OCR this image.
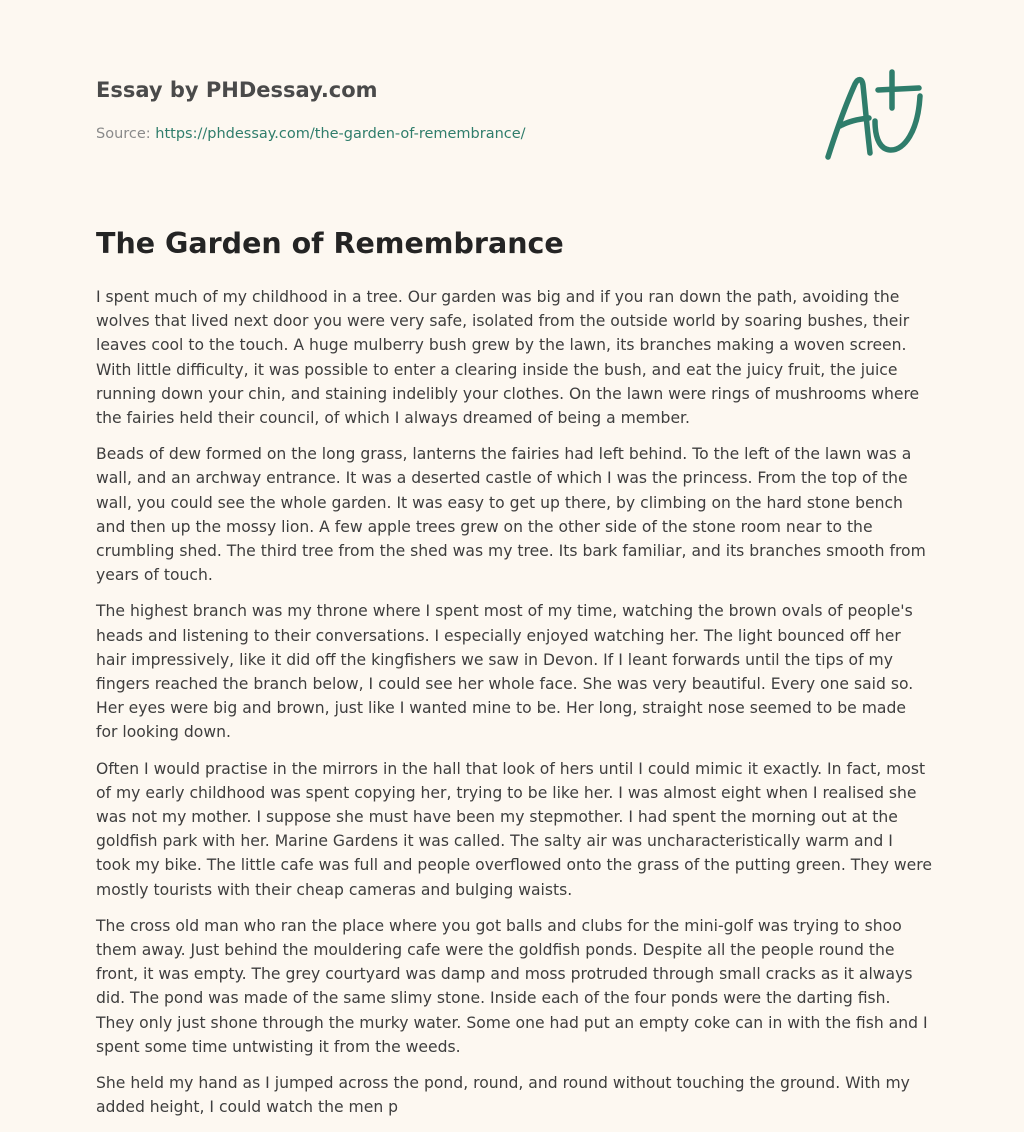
Essay by PHDessay.com
Source: https://phdessay.com/the-garden-of-remembrance/
The Garden of Remembrance

I spent much of my childhood in a tree. Our garden was big and if you ran down the path, avoiding the wolves that lived next door you were very safe, isolated from the outside world by soaring bushes, their leaves cool to the touch. A huge mulberry bush grew by the lawn, its branches making a woven screen. With little difficulty, it was possible to enter a clearing inside the bush, and eat the juicy fruit, the juice running down your chin, and staining indelibly your clothes. On the lawn were rings of mushrooms where the fairies held their council, of which I always dreamed of being a member.

Beads of dew formed on the long grass, lanterns the fairies had left behind. To the left of the lawn was a wall, and an archway entrance. It was a deserted castle of which I was the princess. From the top of the wall, you could see the whole garden. It was easy to get up there, by climbing on the hard stone bench and then up the mossy lion. A few apple trees grew on the other side of the stone room near to the crumbling shed. The third tree from the shed was my tree. Its bark familiar, and its branches smooth from years of touch.

The highest branch was my throne where I spent most of my time, watching the brown ovals of people's heads and listening to their conversations. I especially enjoyed watching her. The light bounced off her hair impressively, like it did off the kingfishers we saw in Devon. If I leant forwards until the tips of my fingers reached the branch below, I could see her whole face. She was very beautiful. Every one said so. Her eyes were big and brown, just like I wanted mine to be. Her long, straight nose seemed to be made for looking down.

Often I would practise in the mirrors in the hall that look of hers until I could mimic it exactly. In fact, most of my early childhood was spent copying her, trying to be like her. I was almost eight when I realised she was not my mother. I suppose she must have been my stepmother. I had spent the morning out at the goldfish park with her. Marine Gardens it was called. The salty air was uncharacteristically warm and I took my bike. The little cafe was full and people overflowed onto the grass of the putting green. They were mostly tourists with their cheap cameras and bulging waists.

The cross old man who ran the place where you got balls and clubs for the mini-golf was trying to shoo them away. Just behind the mouldering cafe were the goldfish ponds. Despite all the people round the front, it was empty. The grey courtyard was damp and moss protruded through small cracks as it always did. The pond was made of the same slimy stone. Inside each of the four ponds were the darting fish. They only just shone through the murky water. Some one had put an empty coke can in with the fish and I spent some time untwisting it from the weeds.

She held my hand as I jumped across the pond, round, and round without touching the ground. With my added height, I could watch the men p
